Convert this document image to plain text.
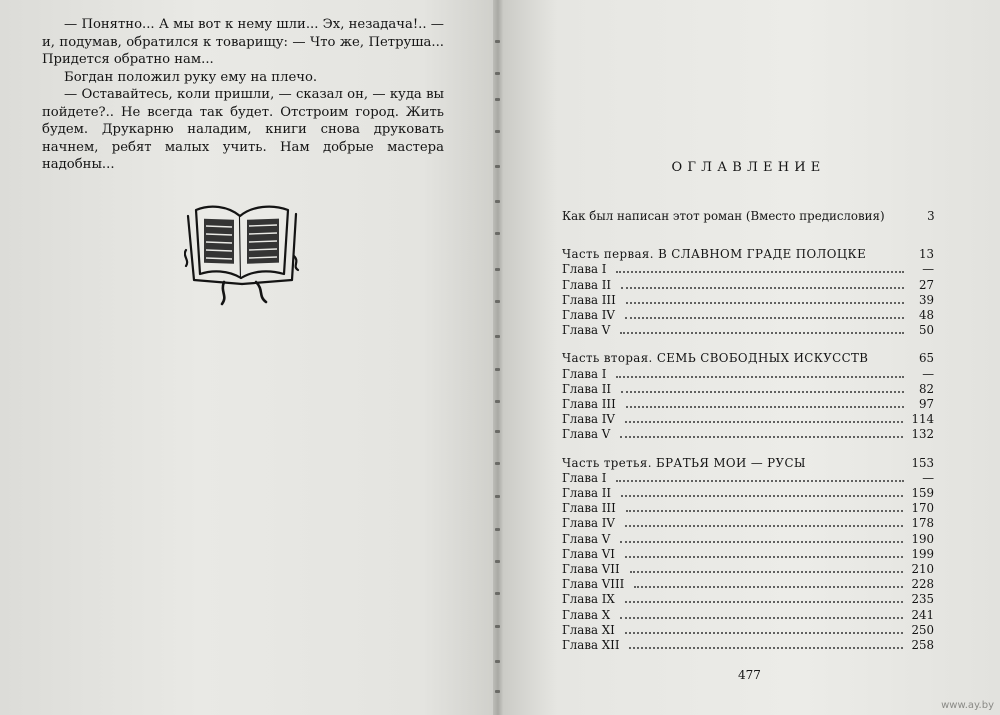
— Понятно... А мы вот к нему шли... Эх, незадача!.. — и, подумав, обратился к товарищу: — Что же, Петруша... Придется обратно нам...

Богдан положил руку ему на плечо.

— Оставайтесь, коли пришли, — сказал он, — куда вы пойдете?.. Не всегда так будет. Отстроим город. Жить будем. Друкарню наладим, книги снова друковать начнем, ребят малых учить. Нам добрые мастера надобны...	ОГЛАВЛЕНИЕ
Как был написан этот роман (Вместо предисловия)	3
Часть первая. В СЛАВНОМ ГРАДЕ ПОЛОЦКЕ	13
Глава I	—
Глава II	27
Глава III	39
Глава IV	48
Глава V	50
Часть вторая. СЕМЬ СВОБОДНЫХ ИСКУССТВ	65
Глава I	—
Глава II	82
Глава III	97
Глава IV	114
Глава V	132
Часть третья. БРАТЬЯ МОИ — РУСЫ	153
Глава I	—
Глава II	159
Глава III	170
Глава IV	178
Глава V	190
Глава VI	199
Глава VII	210
Глава VIII	228
Глава IX	235
Глава X	241
Глава XI	250
Глава XII	258

477

www.ay.by
